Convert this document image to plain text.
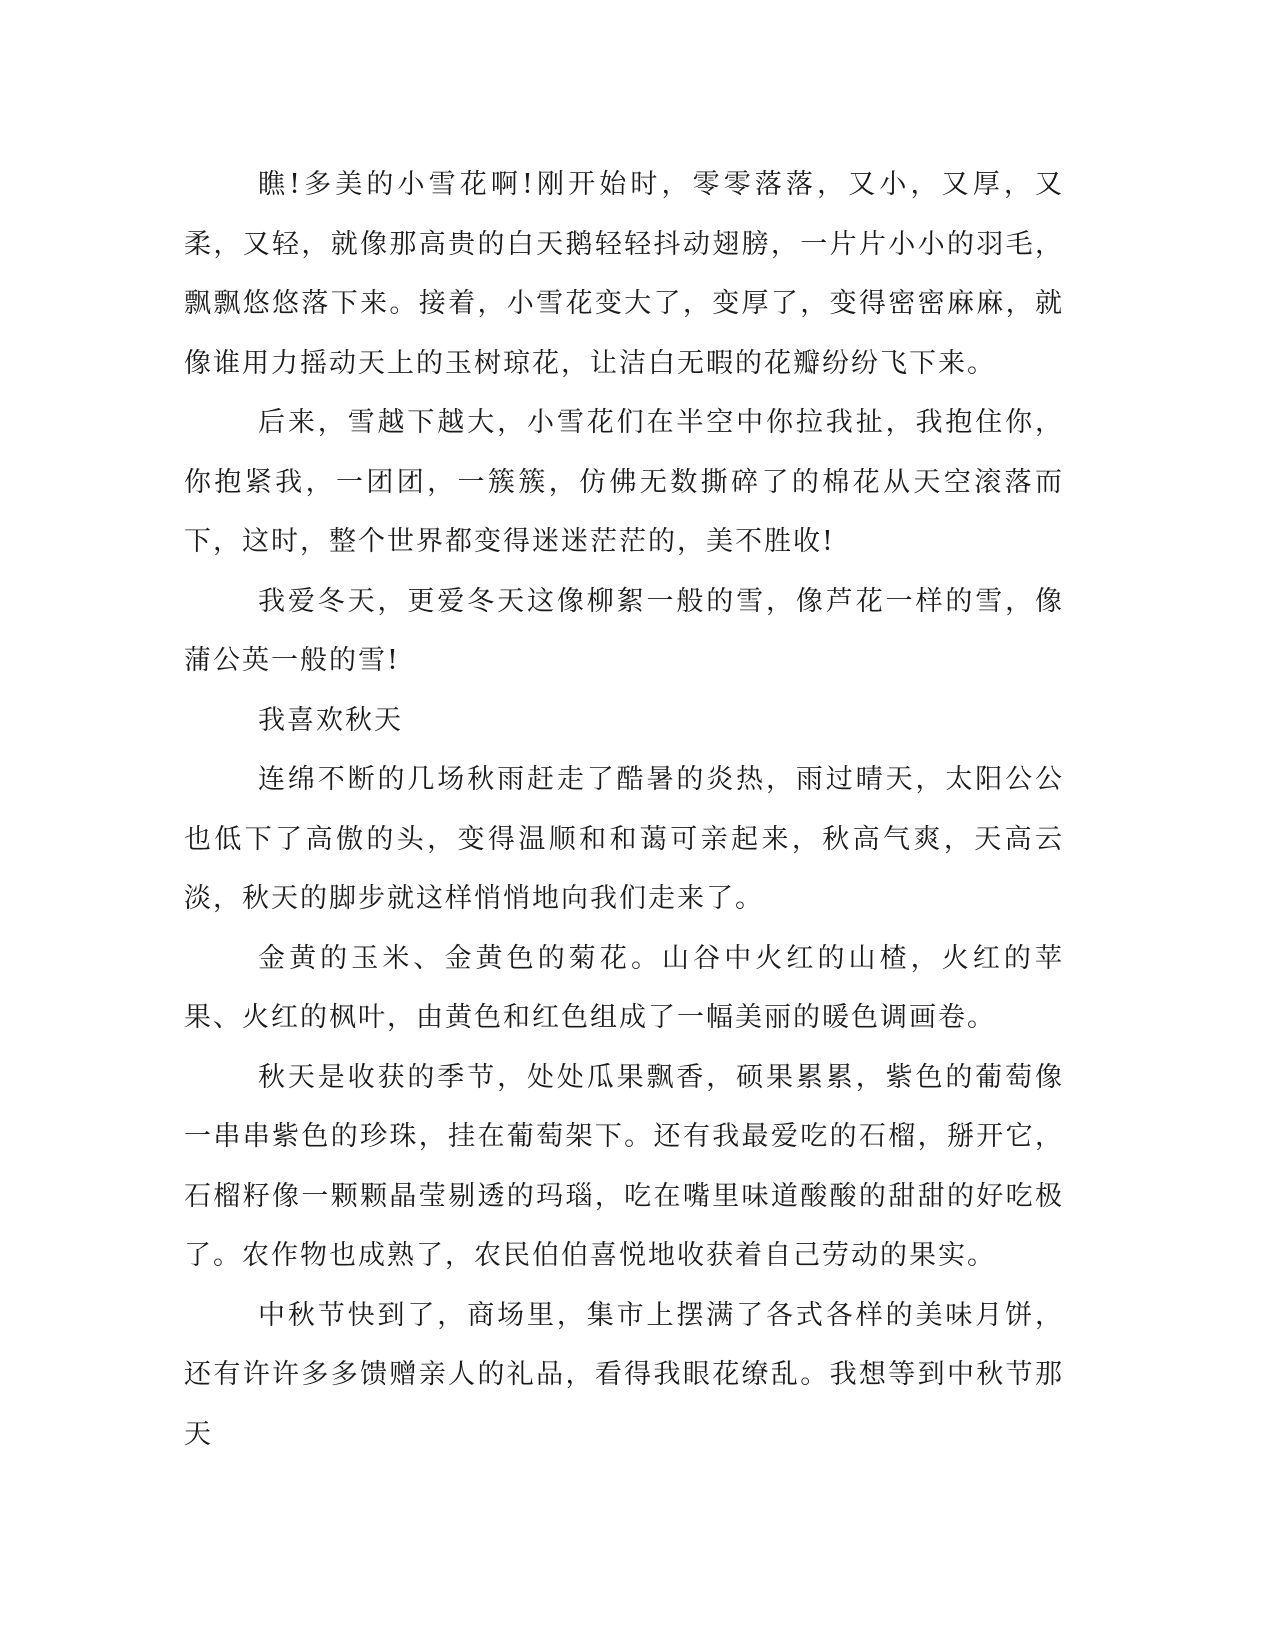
瞧!多美的小雪花啊!刚开始时，零零落落，又小，又厚，又柔，又轻，就像那高贵的白天鹅轻轻抖动翅膀，一片片小小的羽毛，飘飘悠悠落下来。接着，小雪花变大了，变厚了，变得密密麻麻，就像谁用力摇动天上的玉树琼花，让洁白无暇的花瓣纷纷飞下来。

后来，雪越下越大，小雪花们在半空中你拉我扯，我抱住你，你抱紧我，一团团，一簇簇，仿佛无数撕碎了的棉花从天空滚落而下，这时，整个世界都变得迷迷茫茫的，美不胜收!

我爱冬天，更爱冬天这像柳絮一般的雪，像芦花一样的雪，像蒲公英一般的雪!

我喜欢秋天

连绵不断的几场秋雨赶走了酷暑的炎热，雨过晴天，太阳公公也低下了高傲的头，变得温顺和和蔼可亲起来，秋高气爽，天高云淡，秋天的脚步就这样悄悄地向我们走来了。

金黄的玉米、金黄色的菊花。山谷中火红的山楂，火红的苹果、火红的枫叶，由黄色和红色组成了一幅美丽的暖色调画卷。

秋天是收获的季节，处处瓜果飘香，硕果累累，紫色的葡萄像一串串紫色的珍珠，挂在葡萄架下。还有我最爱吃的石榴，掰开它，石榴籽像一颗颗晶莹剔透的玛瑙，吃在嘴里味道酸酸的甜甜的好吃极了。农作物也成熟了，农民伯伯喜悦地收获着自己劳动的果实。

中秋节快到了，商场里，集市上摆满了各式各样的美味月饼，还有许许多多馈赠亲人的礼品，看得我眼花缭乱。我想等到中秋节那天
